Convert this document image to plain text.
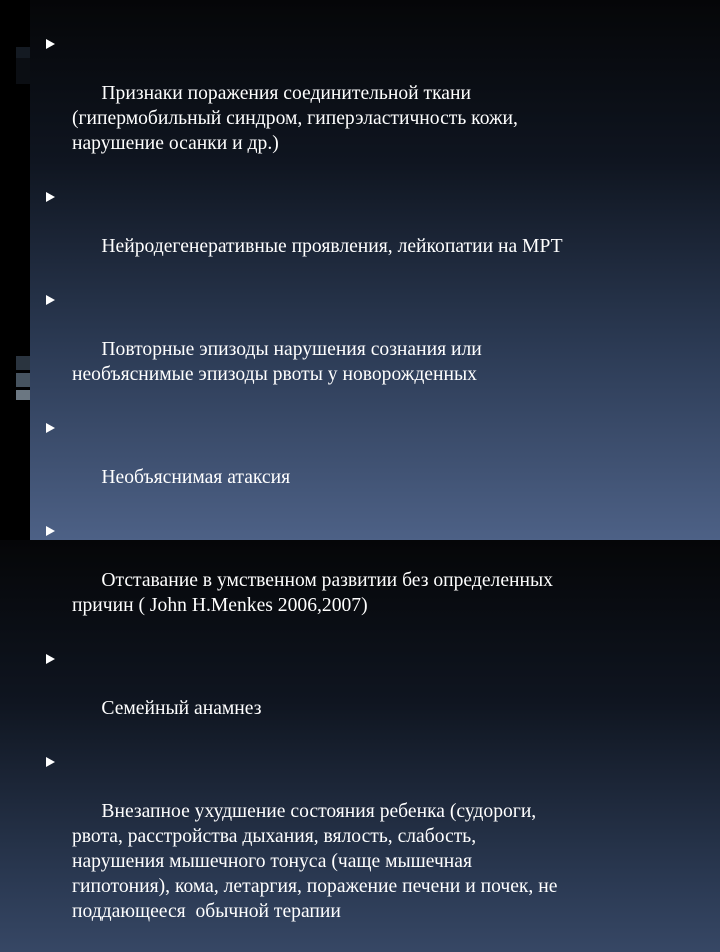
Признаки поражения соединительной ткани
(гипермобильный синдром, гиперэластичность кожи,
нарушение осанки и др.)

Нейродегенеративные проявления, лейкопатии на МРТ

Повторные эпизоды нарушения сознания или
необъяснимые эпизоды рвоты у новорожденных

Необъяснимая атаксия

Отставание в умственном развитии без определенных
причин ( John H.Menkes 2006,2007)

Семейный анамнез

Внезапное ухудшение состояния ребенка (судороги,
рвота, расстройства дыхания, вялость, слабость,
нарушения мышечного тонуса (чаще мышечная
гипотония), кома, летаргия, поражение печени и почек, не
поддающееся  обычной терапии
